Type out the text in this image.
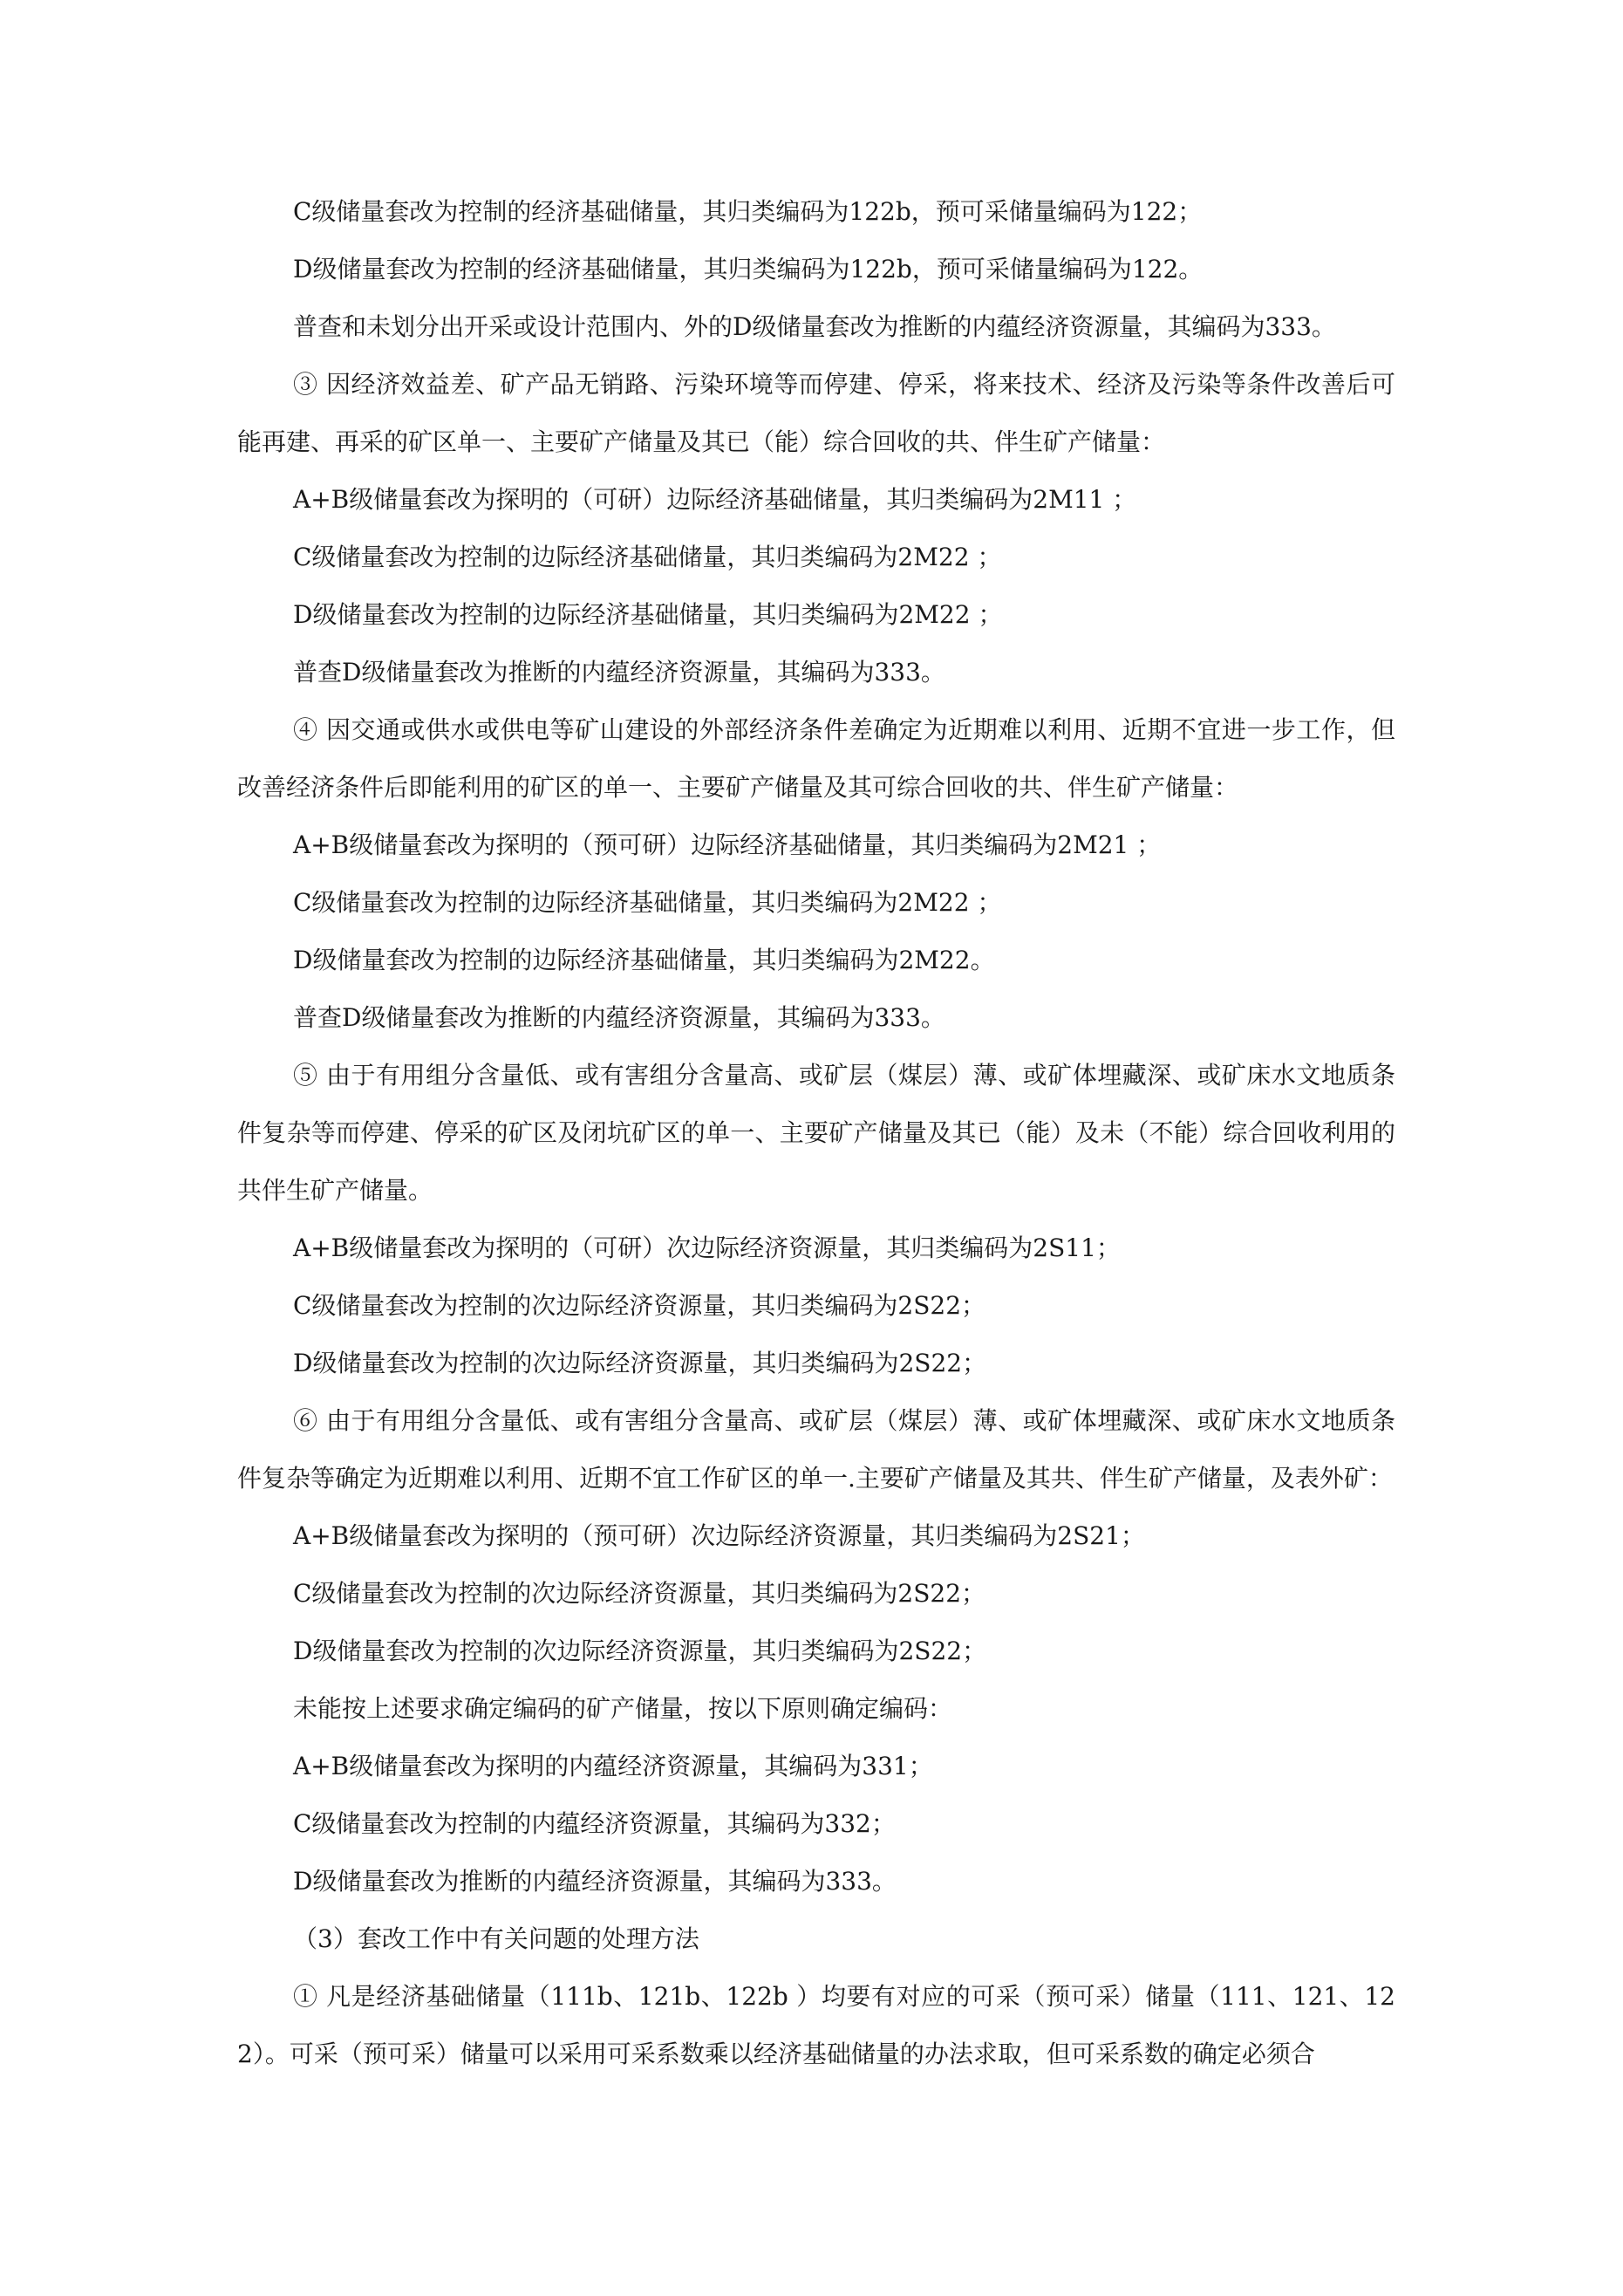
C级储量套改为控制的经济基础储量，其归类编码为122b，预可采储量编码为122；

D级储量套改为控制的经济基础储量，其归类编码为122b，预可采储量编码为122。

普查和未划分出开采或设计范围内、外的D级储量套改为推断的内蕴经济资源量，其编码为333。

③ 因经济效益差、矿产品无销路、污染环境等而停建、停采，将来技术、经济及污染等条件改善后可能再建、再采的矿区单一、主要矿产储量及其已（能）综合回收的共、伴生矿产储量：

A+B级储量套改为探明的（可研）边际经济基础储量，其归类编码为2M11 ；

C级储量套改为控制的边际经济基础储量，其归类编码为2M22 ；

D级储量套改为控制的边际经济基础储量，其归类编码为2M22 ；

普查D级储量套改为推断的内蕴经济资源量，其编码为333。

④ 因交通或供水或供电等矿山建设的外部经济条件差确定为近期难以利用、近期不宜进一步工作，但改善经济条件后即能利用的矿区的单一、主要矿产储量及其可综合回收的共、伴生矿产储量：

A+B级储量套改为探明的（预可研）边际经济基础储量，其归类编码为2M21 ；

C级储量套改为控制的边际经济基础储量，其归类编码为2M22 ；

D级储量套改为控制的边际经济基础储量，其归类编码为2M22。

普查D级储量套改为推断的内蕴经济资源量，其编码为333。

⑤ 由于有用组分含量低、或有害组分含量高、或矿层（煤层）薄、或矿体埋藏深、或矿床水文地质条件复杂等而停建、停采的矿区及闭坑矿区的单一、主要矿产储量及其已（能）及未（不能）综合回收利用的共伴生矿产储量。

A+B级储量套改为探明的（可研）次边际经济资源量，其归类编码为2S11；

C级储量套改为控制的次边际经济资源量，其归类编码为2S22；

D级储量套改为控制的次边际经济资源量，其归类编码为2S22；

⑥ 由于有用组分含量低、或有害组分含量高、或矿层（煤层）薄、或矿体埋藏深、或矿床水文地质条件复杂等确定为近期难以利用、近期不宜工作矿区的单一.主要矿产储量及其共、伴生矿产储量，及表外矿：

A+B级储量套改为探明的（预可研）次边际经济资源量，其归类编码为2S21；

C级储量套改为控制的次边际经济资源量，其归类编码为2S22；

D级储量套改为控制的次边际经济资源量，其归类编码为2S22；

未能按上述要求确定编码的矿产储量，按以下原则确定编码：

A+B级储量套改为探明的内蕴经济资源量，其编码为331；

C级储量套改为控制的内蕴经济资源量，其编码为332；

D级储量套改为推断的内蕴经济资源量，其编码为333。

（3）套改工作中有关问题的处理方法

① 凡是经济基础储量（111b、121b、122b ）均要有对应的可采（预可采）储量（111、121、122）。可采（预可采）储量可以采用可采系数乘以经济基础储量的办法求取，但可采系数的确定必须合
